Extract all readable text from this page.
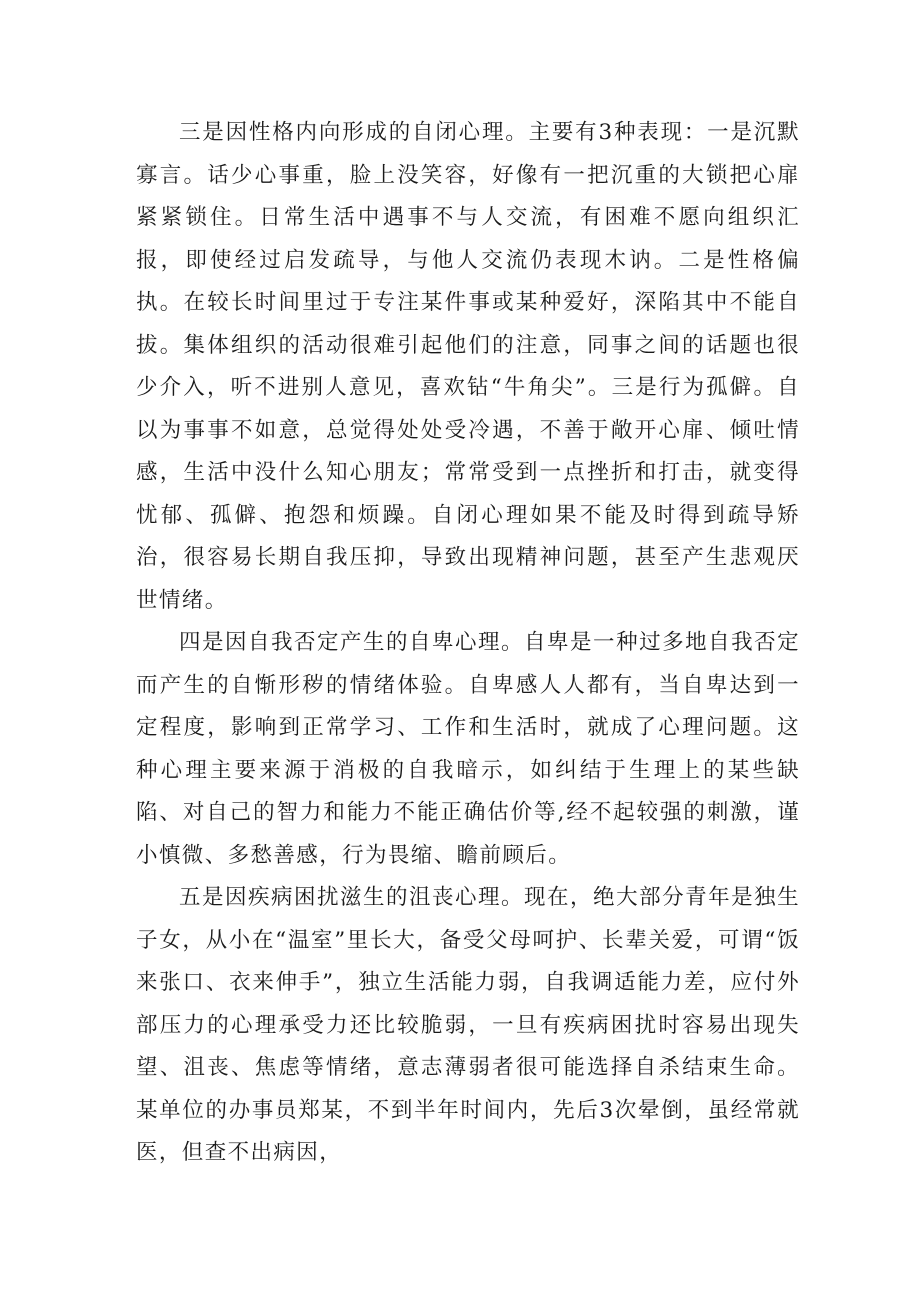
三是因性格内向形成的自闭心理。主要有3种表现：一是沉默寡言。话少心事重，脸上没笑容，好像有一把沉重的大锁把心扉紧紧锁住。日常生活中遇事不与人交流，有困难不愿向组织汇报，即使经过启发疏导，与他人交流仍表现木讷。二是性格偏执。在较长时间里过于专注某件事或某种爱好，深陷其中不能自拔。集体组织的活动很难引起他们的注意，同事之间的话题也很少介入，听不进别人意见，喜欢钻“牛角尖”。三是行为孤僻。自以为事事不如意，总觉得处处受冷遇，不善于敞开心扉、倾吐情感，生活中没什么知心朋友；常常受到一点挫折和打击，就变得忧郁、孤僻、抱怨和烦躁。自闭心理如果不能及时得到疏导矫治，很容易长期自我压抑，导致出现精神问题，甚至产生悲观厌世情绪。

四是因自我否定产生的自卑心理。自卑是一种过多地自我否定而产生的自惭形秽的情绪体验。自卑感人人都有，当自卑达到一定程度，影响到正常学习、工作和生活时，就成了心理问题。这种心理主要来源于消极的自我暗示，如纠结于生理上的某些缺陷、对自己的智力和能力不能正确估价等,经不起较强的刺激，谨小慎微、多愁善感，行为畏缩、瞻前顾后。

五是因疾病困扰滋生的沮丧心理。现在，绝大部分青年是独生子女，从小在“温室”里长大，备受父母呵护、长辈关爱，可谓“饭来张口、衣来伸手”，独立生活能力弱，自我调适能力差，应付外部压力的心理承受力还比较脆弱，一旦有疾病困扰时容易出现失望、沮丧、焦虑等情绪，意志薄弱者很可能选择自杀结束生命。某单位的办事员郑某，不到半年时间内，先后3次晕倒，虽经常就医，但查不出病因，
